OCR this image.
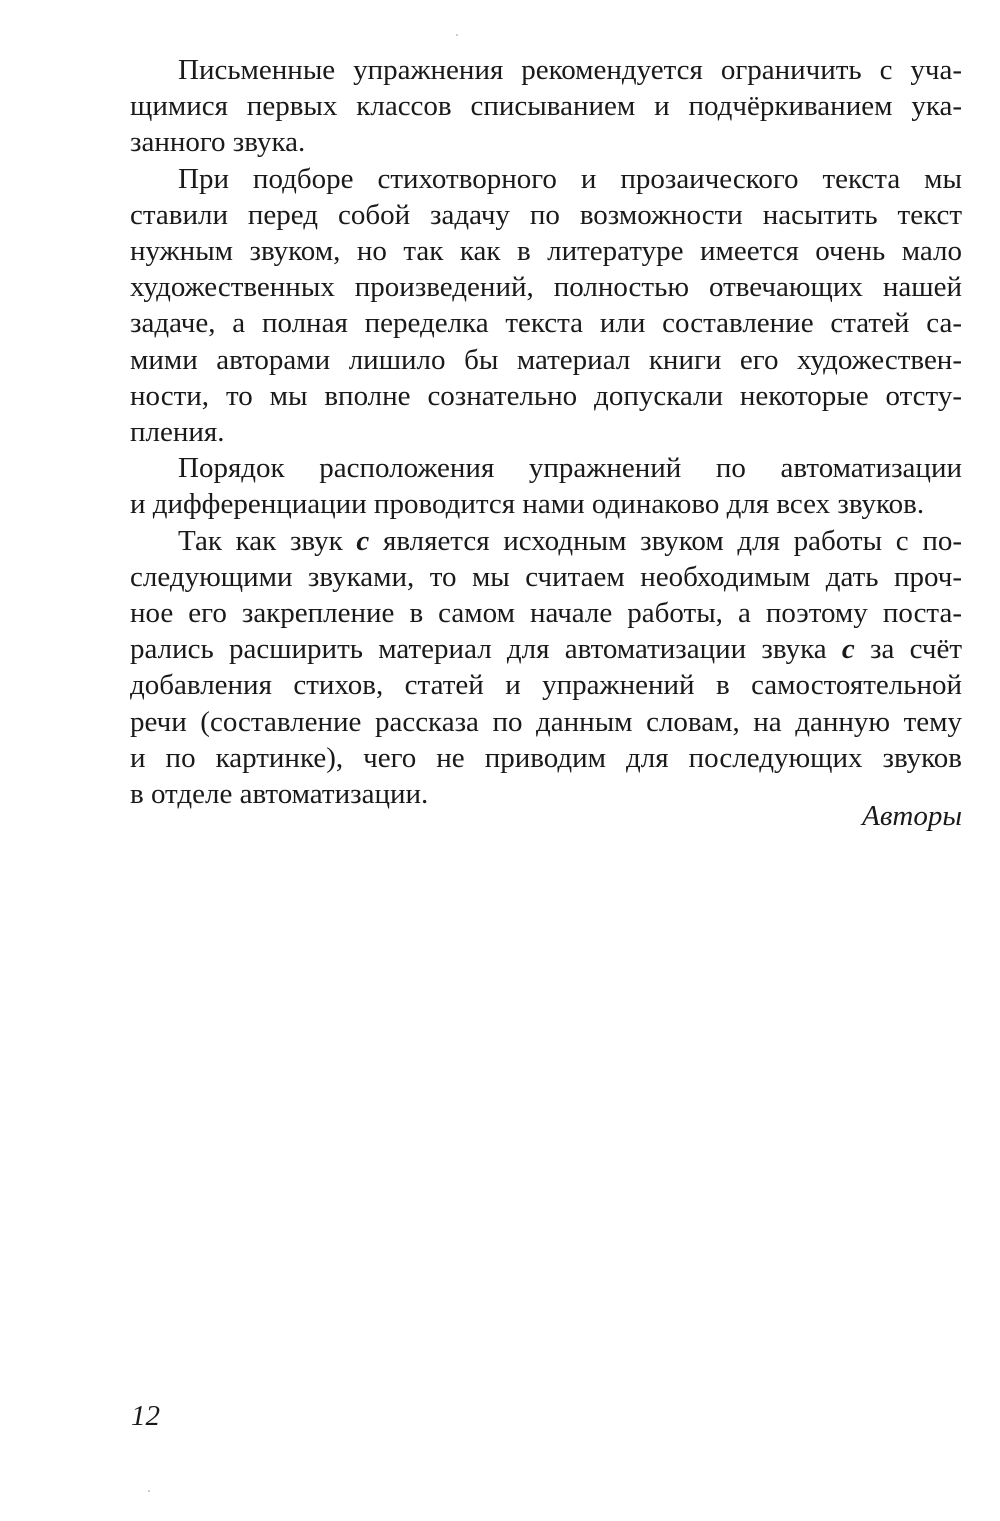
Письменные упражнения рекомендуется ограничить с уча-
щимися первых классов списыванием и подчёркиванием ука-
занного звука.
При подборе стихотворного и прозаического текста мы
ставили перед собой задачу по возможности насытить текст
нужным звуком, но так как в литературе имеется очень мало
художественных произведений, полностью отвечающих нашей
задаче, а полная переделка текста или составление статей са-
мими авторами лишило бы материал книги его художествен-
ности, то мы вполне сознательно допускали некоторые отсту-
пления.
Порядок расположения упражнений по автоматизации
и дифференциации проводится нами одинаково для всех звуков.
Так как звук с является исходным звуком для работы с по-
следующими звуками, то мы считаем необходимым дать проч-
ное его закрепление в самом начале работы, а поэтому поста-
рались расширить материал для автоматизации звука с за счёт
добавления стихов, статей и упражнений в самостоятельной
речи (составление рассказа по данным словам, на данную тему
и по картинке), чего не приводим для последующих звуков
в отделе автоматизации.
Авторы
12
